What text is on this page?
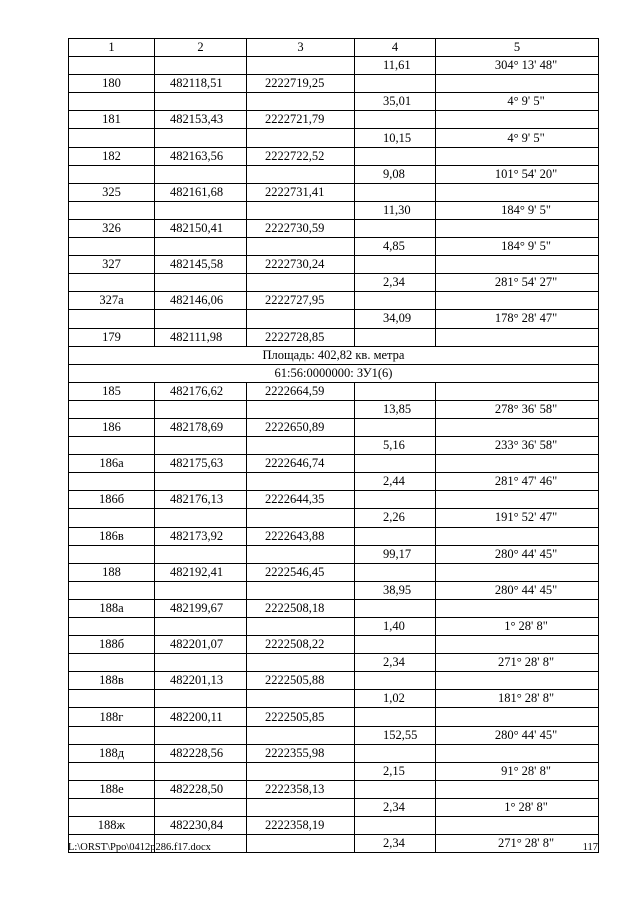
1	2	3	4	5
			11,61	304° 13' 48"
180	482118,51	2222719,25		
			35,01	4° 9' 5"
181	482153,43	2222721,79		
			10,15	4° 9' 5"
182	482163,56	2222722,52		
			9,08	101° 54' 20"
325	482161,68	2222731,41		
			11,30	184° 9' 5"
326	482150,41	2222730,59		
			4,85	184° 9' 5"
327	482145,58	2222730,24		
			2,34	281° 54' 27"
327а	482146,06	2222727,95		
			34,09	178° 28' 47"
179	482111,98	2222728,85		
Площадь: 402,82 кв. метра				
61:56:0000000: ЗУ1(6)				
185	482176,62	2222664,59		
			13,85	278° 36' 58"
186	482178,69	2222650,89		
			5,16	233° 36' 58"
186а	482175,63	2222646,74		
			2,44	281° 47' 46"
186б	482176,13	2222644,35		
			2,26	191° 52' 47"
186в	482173,92	2222643,88		
			99,17	280° 44' 45"
188	482192,41	2222546,45		
			38,95	280° 44' 45"
188а	482199,67	2222508,18		
			1,40	1° 28' 8"
188б	482201,07	2222508,22		
			2,34	271° 28' 8"
188в	482201,13	2222505,88		
			1,02	181° 28' 8"
188г	482200,11	2222505,85		
			152,55	280° 44' 45"
188д	482228,56	2222355,98		
			2,15	91° 28' 8"
188е	482228,50	2222358,13		
			2,34	1° 28' 8"
188ж	482230,84	2222358,19		
			2,34	271° 28' 8"
L:\ORST\Ppo\0412p286.f17.docx	117
